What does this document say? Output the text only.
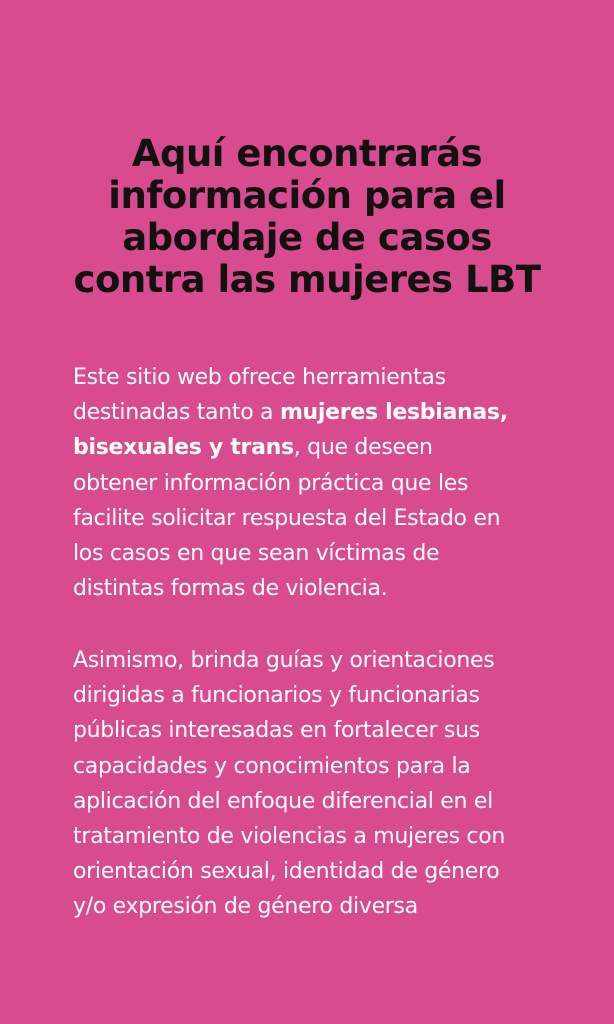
Aquí encontrarás
información para el
abordaje de casos
contra las mujeres LBT

Este sitio web ofrece herramientas
destinadas tanto a mujeres lesbianas,
bisexuales y trans, que deseen
obtener información práctica que les
facilite solicitar respuesta del Estado en
los casos en que sean víctimas de
distintas formas de violencia.

Asimismo, brinda guías y orientaciones
dirigidas a funcionarios y funcionarias
públicas interesadas en fortalecer sus
capacidades y conocimientos para la
aplicación del enfoque diferencial en el
tratamiento de violencias a mujeres con
orientación sexual, identidad de género
y/o expresión de género diversa
